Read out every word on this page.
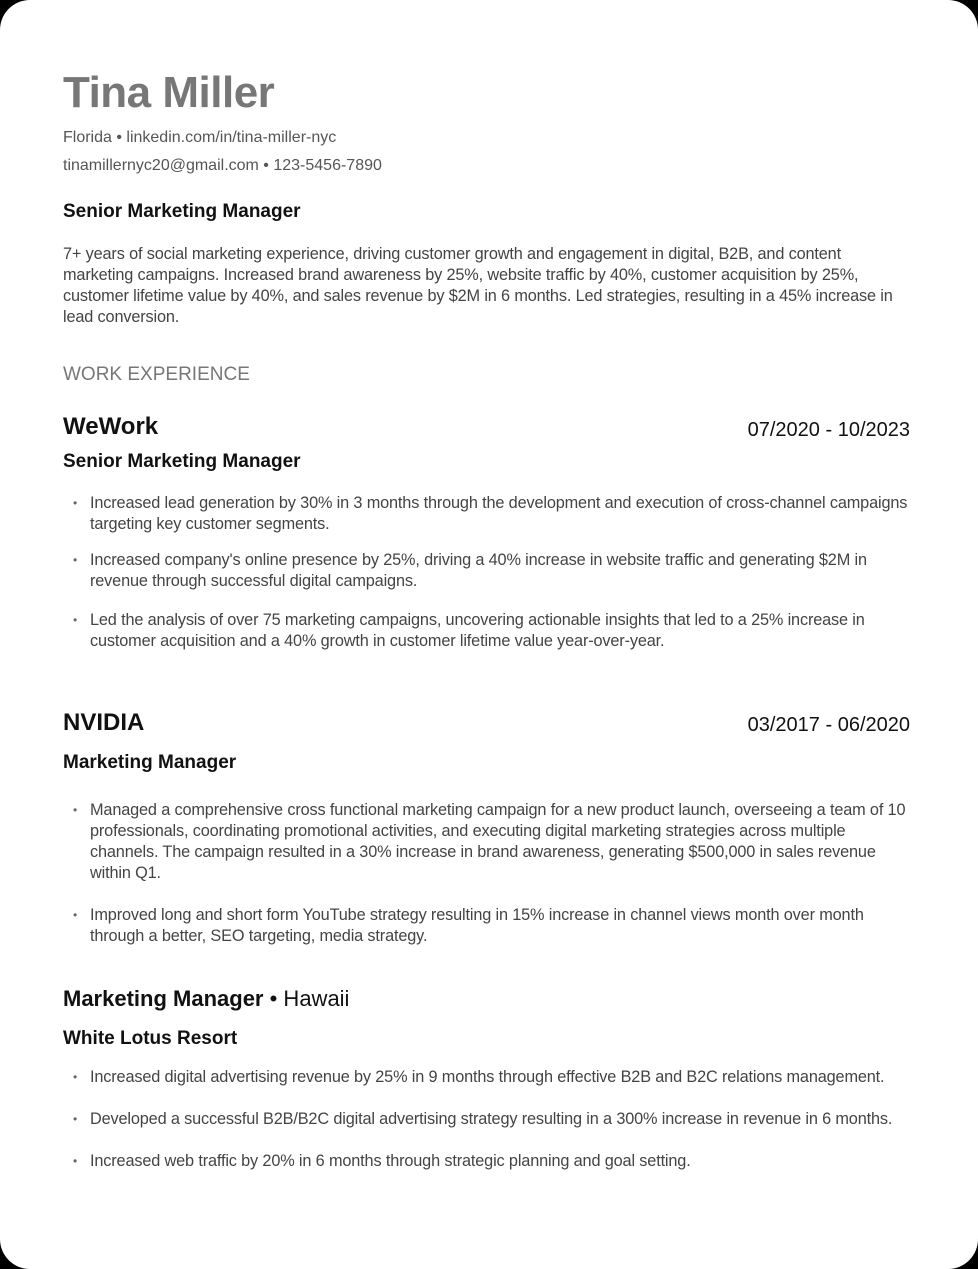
Tina Miller
Florida • linkedin.com/in/tina-miller-nyc
tinamillernyc20@gmail.com • 123-5456-7890
Senior Marketing Manager
7+ years of social marketing experience, driving customer growth and engagement in digital, B2B, and content marketing campaigns. Increased brand awareness by 25%, website traffic by 40%, customer acquisition by 25%, customer lifetime value by 40%, and sales revenue by $2M in 6 months. Led strategies, resulting in a 45% increase in lead conversion.
WORK EXPERIENCE
WeWork	07/2020 - 10/2023
Senior Marketing Manager
• Increased lead generation by 30% in 3 months through the development and execution of cross-channel campaigns targeting key customer segments.
• Increased company's online presence by 25%, driving a 40% increase in website traffic and generating $2M in revenue through successful digital campaigns.
• Led the analysis of over 75 marketing campaigns, uncovering actionable insights that led to a 25% increase in customer acquisition and a 40% growth in customer lifetime value year-over-year.
NVIDIA	03/2017 - 06/2020
Marketing Manager
• Managed a comprehensive cross functional marketing campaign for a new product launch, overseeing a team of 10 professionals, coordinating promotional activities, and executing digital marketing strategies across multiple channels. The campaign resulted in a 30% increase in brand awareness, generating $500,000 in sales revenue within Q1.
• Improved long and short form YouTube strategy resulting in 15% increase in channel views month over month through a better, SEO targeting, media strategy.
Marketing Manager • Hawaii
White Lotus Resort
• Increased digital advertising revenue by 25% in 9 months through effective B2B and B2C relations management.
• Developed a successful B2B/B2C digital advertising strategy resulting in a 300% increase in revenue in 6 months.
• Increased web traffic by 20% in 6 months through strategic planning and goal setting.
